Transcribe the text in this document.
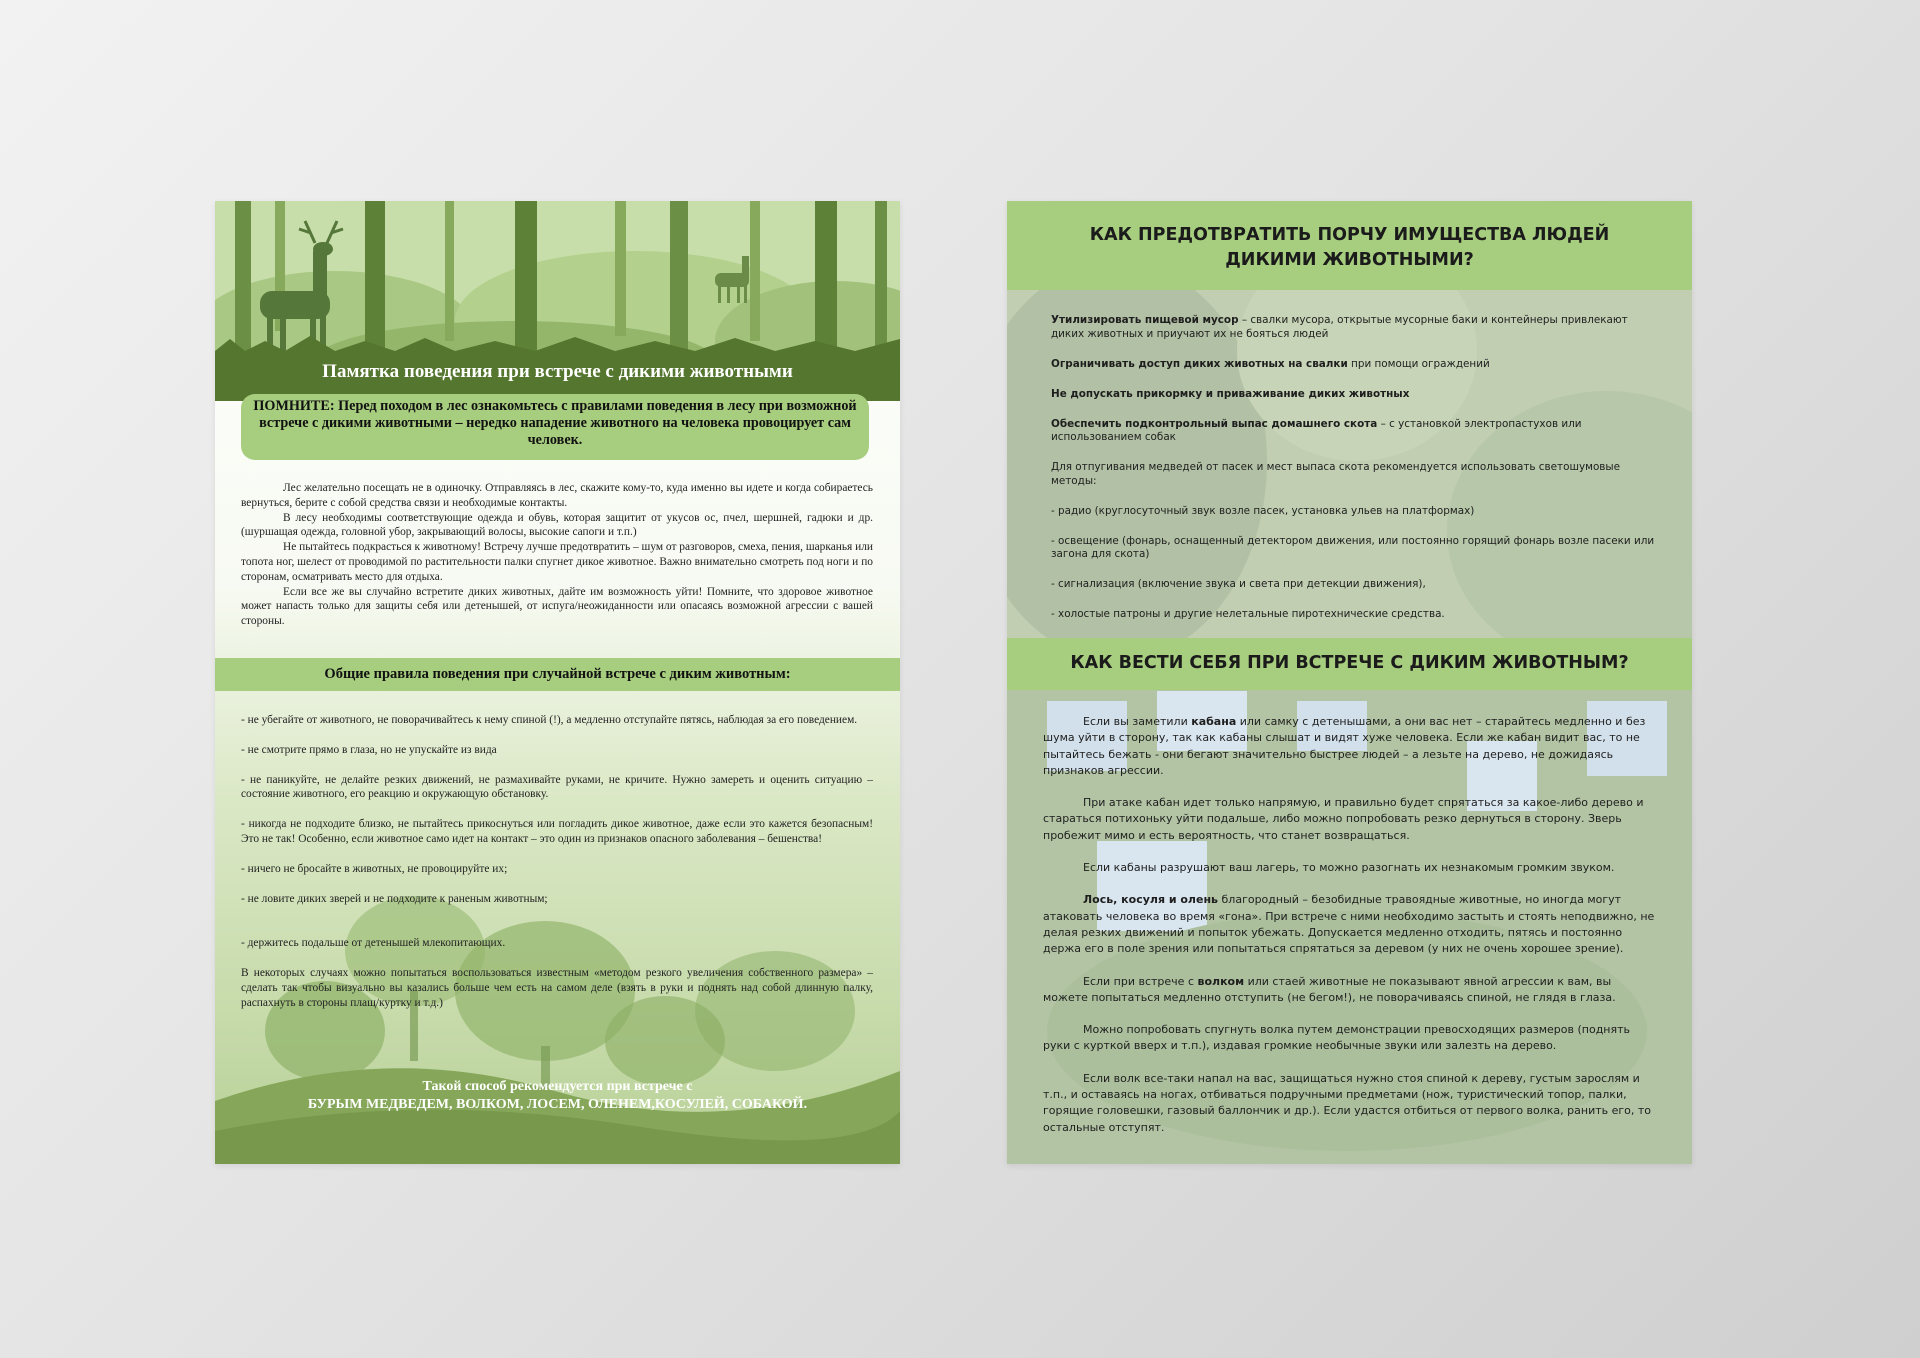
Памятка поведения при встрече с дикими животными
ПОМНИТЕ: Перед походом в лес ознакомьтесь с правилами поведения в лесу при возможной встрече с дикими животными – нередко нападение животного на человека провоцирует сам человек.

Лес желательно посещать не в одиночку. Отправляясь в лес, скажите кому-то, куда именно вы идете и когда собираетесь вернуться, берите с собой средства связи и необходимые контакты.

В лесу необходимы соответствующие одежда и обувь, которая защитит от укусов ос, пчел, шершней, гадюки и др. (шуршащая одежда, головной убор, закрывающий волосы, высокие сапоги и т.п.)

Не пытайтесь подкрасться к животному! Встречу лучше предотвратить – шум от разговоров, смеха, пения, шарканья или топота ног, шелест от проводимой по растительности палки спугнет дикое животное. Важно внимательно смотреть под ноги и по сторонам, осматривать место для отдыха.

Если все же вы случайно встретите диких животных, дайте им возможность уйти! Помните, что здоровое животное может напасть только для защиты себя или детенышей, от испуга/неожиданности или опасаясь возможной агрессии с вашей стороны.

Общие правила поведения при случайной встрече с диким животным:

- не убегайте от животного, не поворачивайтесь к нему спиной (!), а медленно отступайте пятясь, наблюдая за его поведением.

- не смотрите прямо в глаза, но не упускайте из вида

- не паникуйте, не делайте резких движений, не размахивайте руками, не кричите. Нужно замереть и оценить ситуацию – состояние животного, его реакцию и окружающую обстановку.

- никогда не подходите близко, не пытайтесь прикоснуться или погладить дикое животное, даже если это кажется безопасным! Это не так! Особенно, если животное само идет на контакт – это один из признаков опасного заболевания – бешенства!

- ничего не бросайте в животных, не провоцируйте их;

- не ловите диких зверей и не подходите к раненым животным;

- держитесь подальше от детенышей млекопитающих.

В некоторых случаях можно попытаться воспользоваться известным «методом резкого увеличения собственного размера» – сделать так чтобы визуально вы казались больше чем есть на самом деле (взять в руки и поднять над собой длинную палку, распахнуть в стороны плащ/куртку и т.д.)

Такой способ рекомендуется при встрече с
БУРЫМ МЕДВЕДЕМ, ВОЛКОМ, ЛОСЕМ, ОЛЕНЕМ,КОСУЛЕЙ, СОБАКОЙ.
КАК ПРЕДОТВРАТИТЬ ПОРЧУ ИМУЩЕСТВА ЛЮДЕЙ ДИКИМИ ЖИВОТНЫМИ?

Утилизировать пищевой мусор – свалки мусора, открытые мусорные баки и контейнеры привлекают диких животных и приучают их не бояться людей

Ограничивать доступ диких животных на свалки при помощи ограждений

Не допускать прикормку и приваживание диких животных

Обеспечить подконтрольный выпас домашнего скота – с установкой электропастухов или использованием собак

Для отпугивания медведей от пасек и мест выпаса скота рекомендуется использовать светошумовые методы:

- радио (круглосуточный звук возле пасек, установка ульев на платформах)

- освещение (фонарь, оснащенный детектором движения, или постоянно горящий фонарь возле пасеки или загона для скота)

- сигнализация (включение звука и света при детекции движения),

- холостые патроны и другие нелетальные пиротехнические средства.

КАК ВЕСТИ СЕБЯ ПРИ ВСТРЕЧЕ С ДИКИМ ЖИВОТНЫМ?

Если вы заметили кабана или самку с детенышами, а они вас нет – старайтесь медленно и без шума уйти в сторону, так как кабаны слышат и видят хуже человека. Если же кабан видит вас, то не пытайтесь бежать - они бегают значительно быстрее людей – а лезьте на дерево, не дожидаясь признаков агрессии.

При атаке кабан идет только напрямую, и правильно будет спрятаться за какое-либо дерево и стараться потихоньку уйти подальше, либо можно попробовать резко дернуться в сторону. Зверь пробежит мимо и есть вероятность, что станет возвращаться.

Если кабаны разрушают ваш лагерь, то можно разогнать их незнакомым громким звуком.

Лось, косуля и олень благородный – безобидные травоядные животные, но иногда могут атаковать человека во время «гона». При встрече с ними необходимо застыть и стоять неподвижно, не делая резких движений и попыток убежать. Допускается медленно отходить, пятясь и постоянно держа его в поле зрения или попытаться спрятаться за деревом (у них не очень хорошее зрение).

Если при встрече с волком или стаей животные не показывают явной агрессии к вам, вы можете попытаться медленно отступить (не бегом!), не поворачиваясь спиной, не глядя в глаза.

Можно попробовать спугнуть волка путем демонстрации превосходящих размеров (поднять руки с курткой вверх и т.п.), издавая громкие необычные звуки или залезть на дерево.

Если волк все-таки напал на вас, защищаться нужно стоя спиной к дереву, густым зарослям и т.п., и оставаясь на ногах, отбиваться подручными предметами (нож, туристический топор, палки, горящие головешки, газовый баллончик и др.). Если удастся отбиться от первого волка, ранить его, то остальные отступят.
